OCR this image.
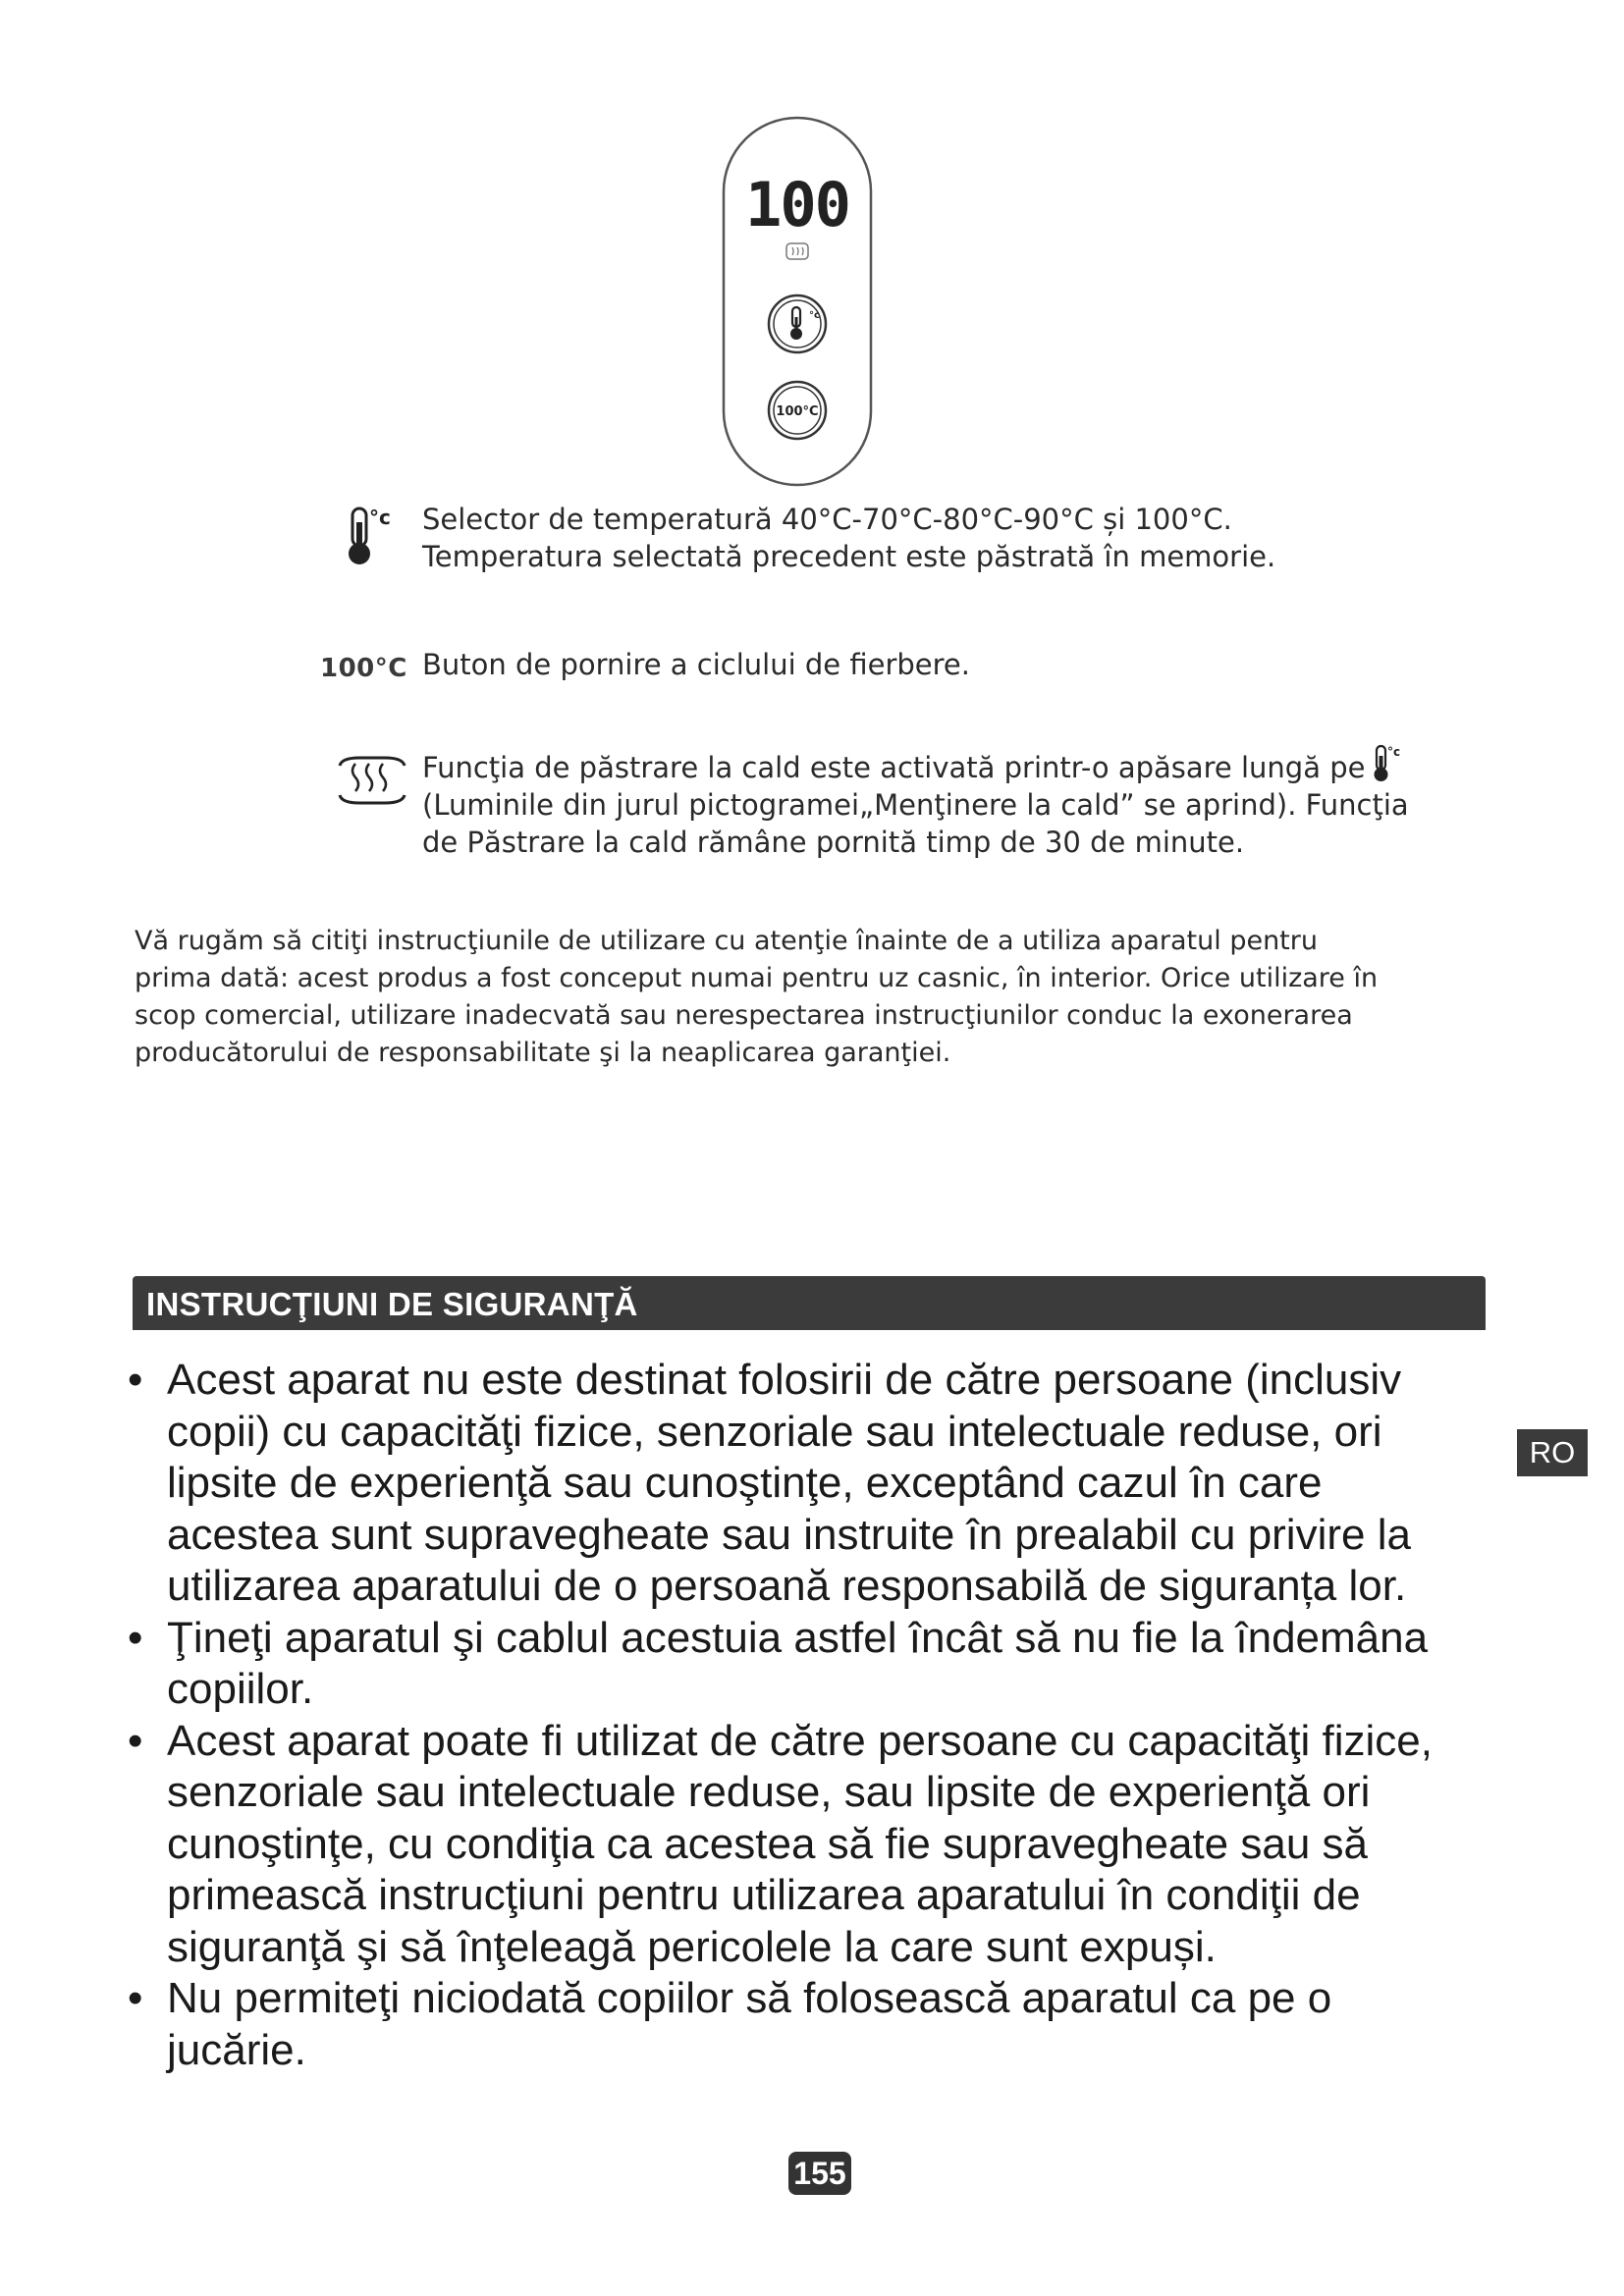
100
°c
100°C
°c Selector de temperatură 40°C-70°C-80°C-90°C și 100°C.
Temperatura selectată precedent este păstrată în memorie.
100°C Buton de pornire a ciclului de fierbere.
Funcţia de păstrare la cald este activată printr-o apăsare lungă pe °c
(Luminile din jurul pictogramei„Menţinere la cald” se aprind). Funcţia
de Păstrare la cald rămâne pornită timp de 30 de minute.
Vă rugăm să citiţi instrucţiunile de utilizare cu atenţie înainte de a utiliza aparatul pentru
prima dată: acest produs a fost conceput numai pentru uz casnic, în interior. Orice utilizare în
scop comercial, utilizare inadecvată sau nerespectarea instrucţiunilor conduc la exonerarea
producătorului de responsabilitate şi la neaplicarea garanţiei.
INSTRUCŢIUNI DE SIGURANŢĂ
RO
• Acest aparat nu este destinat folosirii de către persoane (inclusiv
copii) cu capacităţi fizice, senzoriale sau intelectuale reduse, ori
lipsite de experienţă sau cunoştinţe, exceptând cazul în care
acestea sunt supravegheate sau instruite în prealabil cu privire la
utilizarea aparatului de o persoană responsabilă de siguranța lor.
• Ţineţi aparatul şi cablul acestuia astfel încât să nu fie la îndemâna
copiilor.
• Acest aparat poate fi utilizat de către persoane cu capacităţi fizice,
senzoriale sau intelectuale reduse, sau lipsite de experienţă ori
cunoştinţe, cu condiţia ca acestea să fie supravegheate sau să
primească instrucţiuni pentru utilizarea aparatului în condiţii de
siguranţă şi să înţeleagă pericolele la care sunt expuși.
• Nu permiteţi niciodată copiilor să folosească aparatul ca pe o
jucărie.
155
